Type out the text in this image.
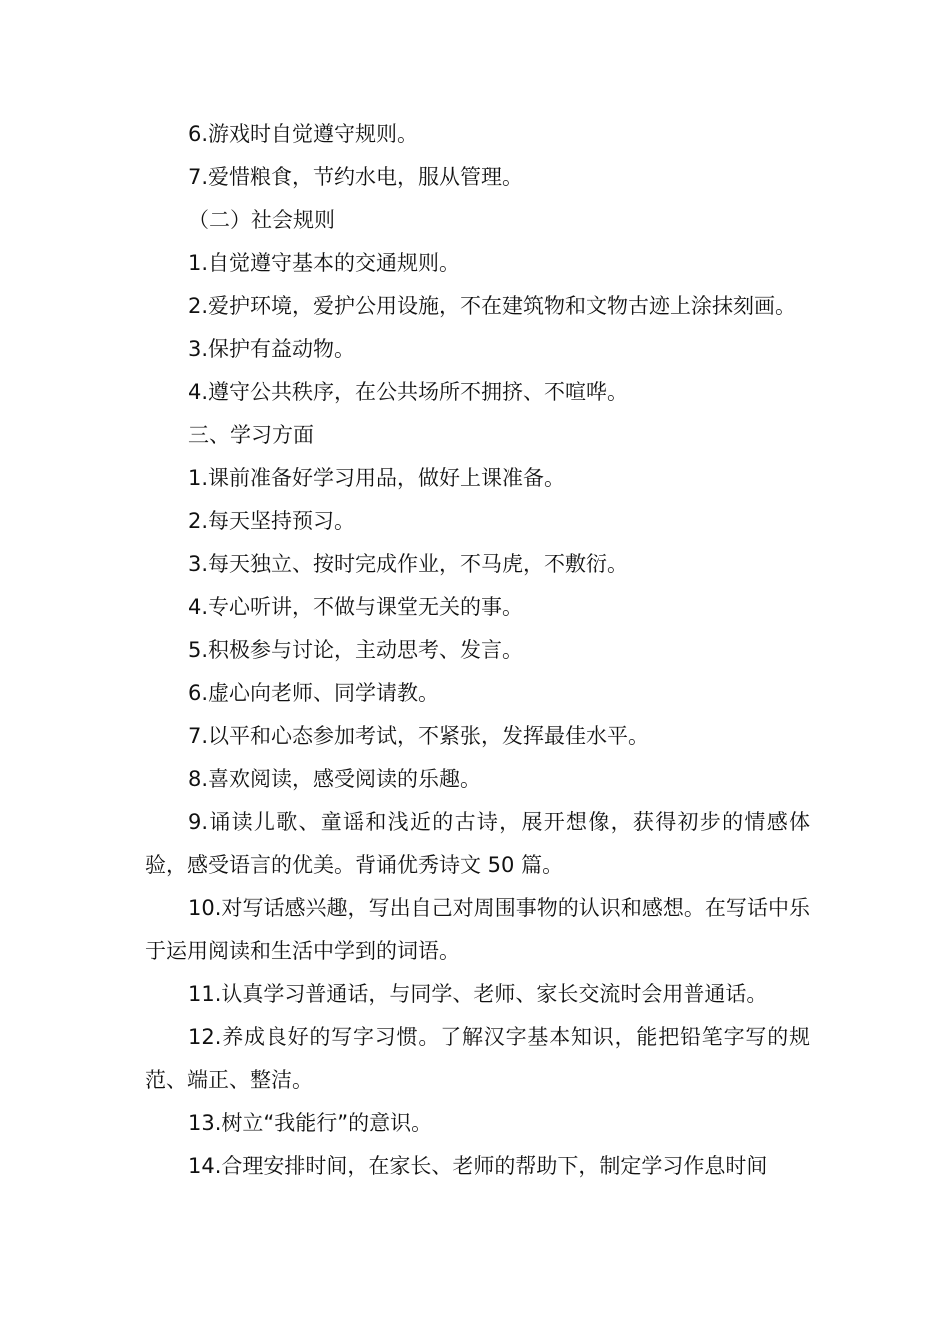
6.游戏时自觉遵守规则。

7.爱惜粮食，节约水电，服从管理。

（二）社会规则

1.自觉遵守基本的交通规则。

2.爱护环境，爱护公用设施，不在建筑物和文物古迹上涂抹刻画。

3.保护有益动物。

4.遵守公共秩序，在公共场所不拥挤、不喧哗。

三、学习方面

1.课前准备好学习用品，做好上课准备。

2.每天坚持预习。

3.每天独立、按时完成作业，不马虎，不敷衍。

4.专心听讲，不做与课堂无关的事。

5.积极参与讨论，主动思考、发言。

6.虚心向老师、同学请教。

7.以平和心态参加考试，不紧张，发挥最佳水平。

8.喜欢阅读，感受阅读的乐趣。

9.诵读儿歌、童谣和浅近的古诗，展开想像，获得初步的情感体验，感受语言的优美。背诵优秀诗文 50 篇。

10.对写话感兴趣，写出自己对周围事物的认识和感想。在写话中乐于运用阅读和生活中学到的词语。

11.认真学习普通话，与同学、老师、家长交流时会用普通话。

12.养成良好的写字习惯。了解汉字基本知识，能把铅笔字写的规范、端正、整洁。

13.树立“我能行”的意识。

14.合理安排时间，在家长、老师的帮助下，制定学习作息时间
